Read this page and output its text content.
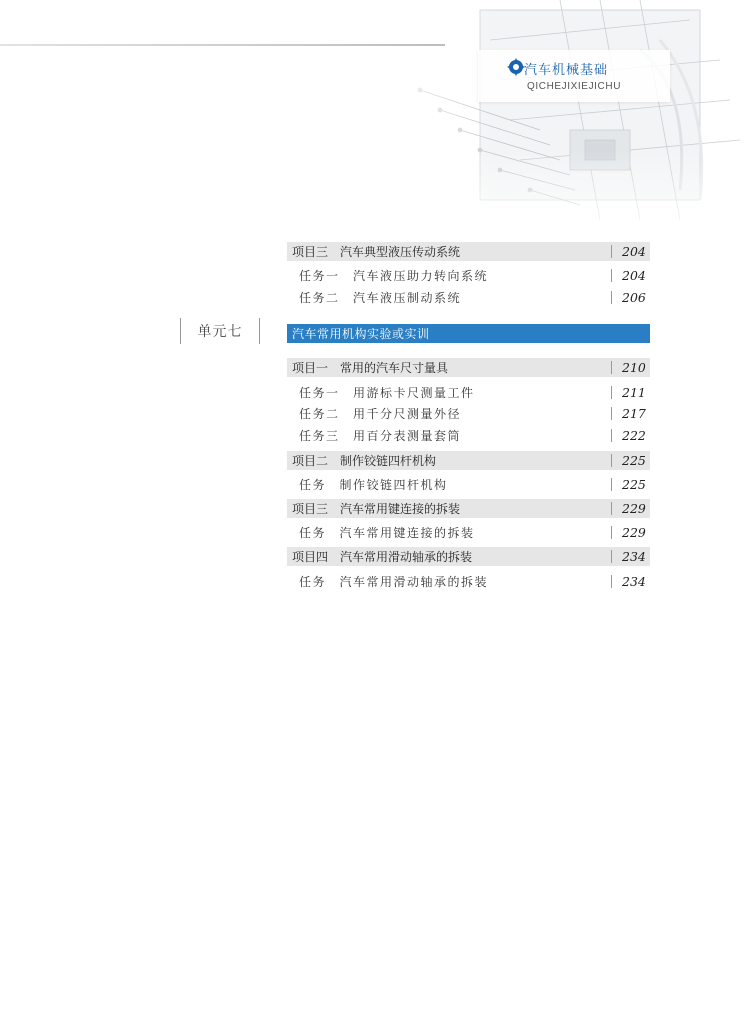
汽车机械基础
QICHEJIXIEJICHU
项目三　汽车典型液压传动系统	204
任务一　汽车液压助力转向系统	204
任务二　汽车液压制动系统	206
单元七	汽车常用机构实验或实训
项目一　常用的汽车尺寸量具	210
任务一　用游标卡尺测量工件	211
任务二　用千分尺测量外径	217
任务三　用百分表测量套筒	222
项目二　制作铰链四杆机构	225
任务　制作铰链四杆机构	225
项目三　汽车常用键连接的拆装	229
任务　汽车常用键连接的拆装	229
项目四　汽车常用滑动轴承的拆装	234
任务　汽车常用滑动轴承的拆装	234
